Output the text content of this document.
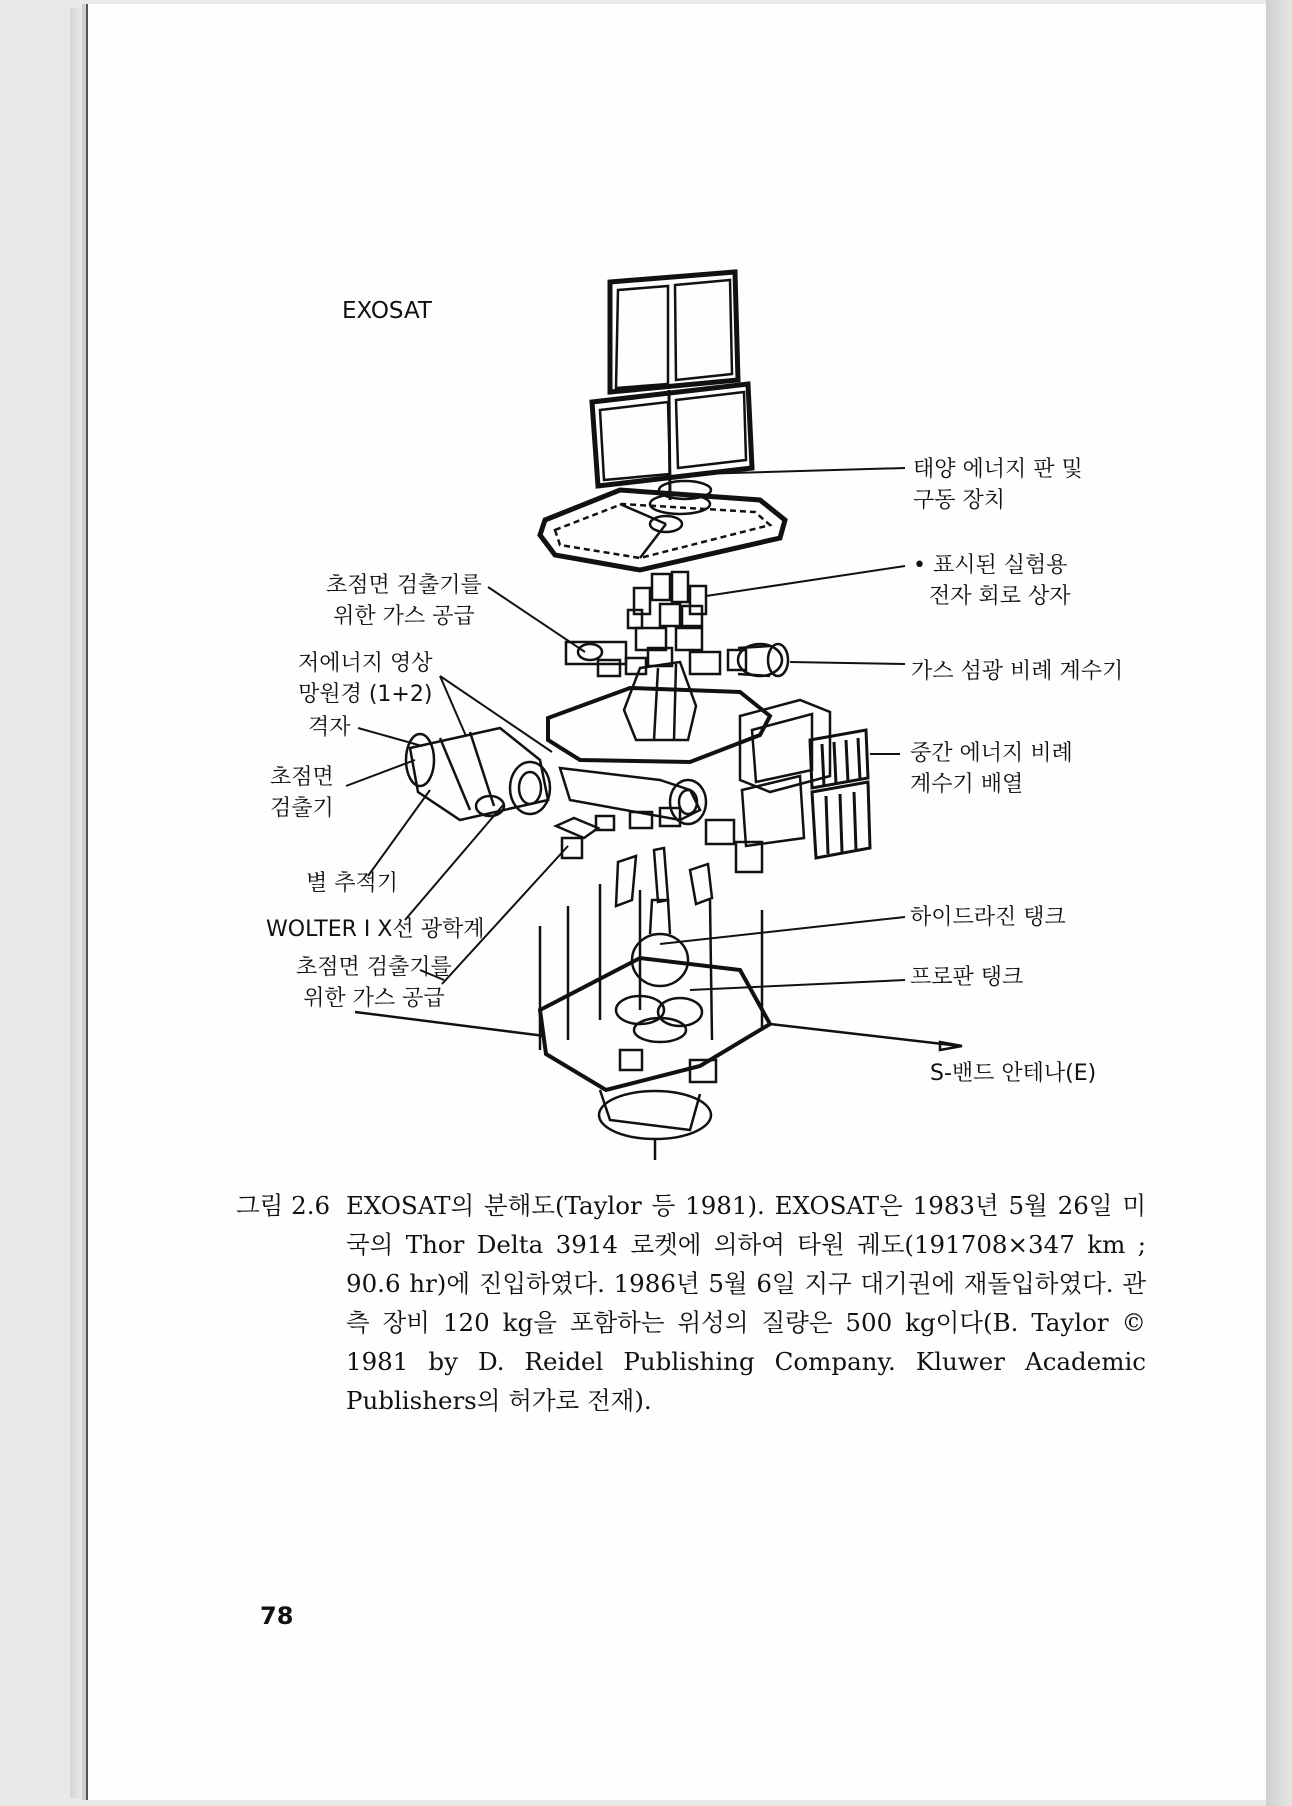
EXOSAT
태양 에너지 판 및
구동 장치
• 표시된 실험용
전자 회로 상자
가스 섬광 비례 계수기
중간 에너지 비례
계수기 배열
하이드라진 탱크
프로판 탱크
S-밴드 안테나(E)
초점면 검출기를
위한 가스 공급
저에너지 영상
망원경 (1+2)
격자
초점면
검출기
별 추적기
WOLTER I X선 광학계
초점면 검출기를
위한 가스 공급
그림 2.6 EXOSAT의 분해도(Taylor 등 1981). EXOSAT은 1983년 5월 26일 미국의 Thor Delta 3914 로켓에 의하여 타원 궤도(191708×347 km ; 90.6 hr)에 진입하였다. 1986년 5월 6일 지구 대기권에 재돌입하였다. 관측 장비 120 kg을 포함하는 위성의 질량은 500 kg이다(B. Taylor © 1981 by D. Reidel Publishing Company. Kluwer Academic Publishers의 허가로 전재).
78
